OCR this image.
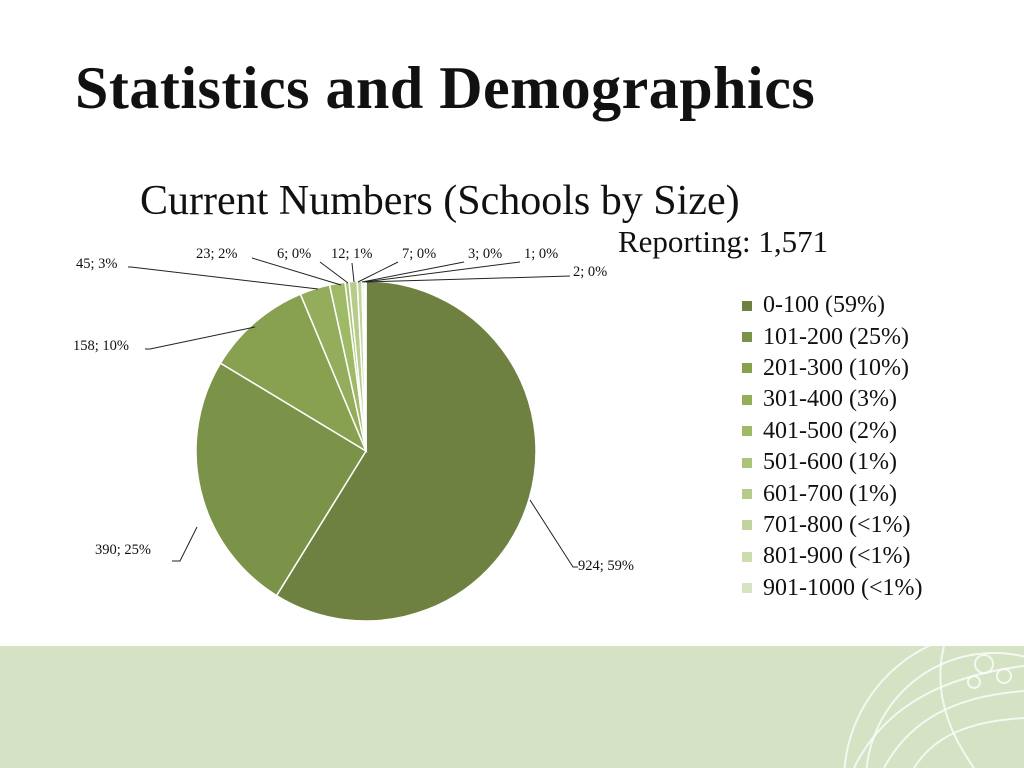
Statistics and Demographics
Current Numbers (Schools by Size)
Reporting: 1,571
924; 59%
390; 25%
158; 10%
45; 3%
23; 2%	6; 0% 12; 1% 7; 0% 3; 0% 1; 0%
2; 0%
0-100 (59%)
101-200 (25%)
201-300 (10%)
301-400 (3%)
401-500 (2%)
501-600 (1%)
601-700 (1%)
701-800 (<1%)
801-900 (<1%)
901-1000 (<1%)
